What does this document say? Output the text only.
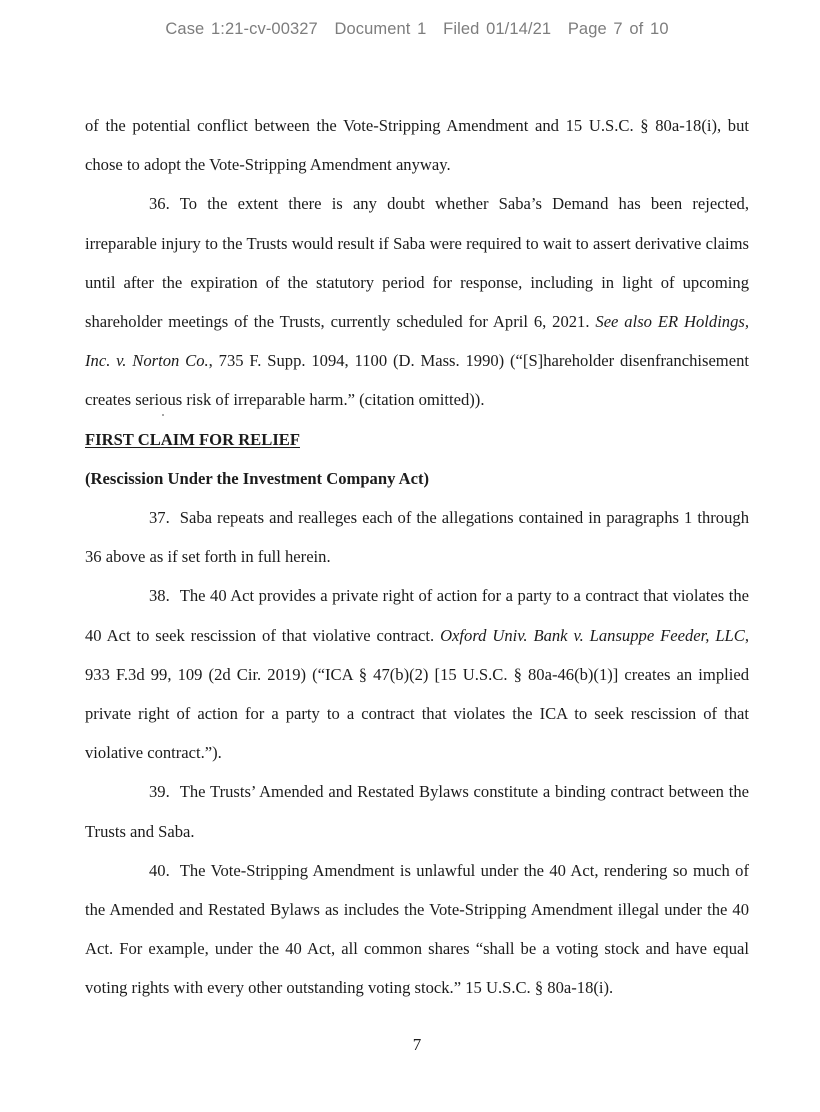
Case 1:21-cv-00327 Document 1 Filed 01/14/21 Page 7 of 10

of the potential conflict between the Vote-Stripping Amendment and 15 U.S.C. § 80a-18(i), but chose to adopt the Vote-Stripping Amendment anyway.

36. To the extent there is any doubt whether Saba’s Demand has been rejected, irreparable injury to the Trusts would result if Saba were required to wait to assert derivative claims until after the expiration of the statutory period for response, including in light of upcoming shareholder meetings of the Trusts, currently scheduled for April 6, 2021. See also ER Holdings, Inc. v. Norton Co., 735 F. Supp. 1094, 1100 (D. Mass. 1990) (“[S]hareholder disenfranchisement creates serious risk of irreparable harm.” (citation omitted)).

FIRST CLAIM FOR RELIEF

(Rescission Under the Investment Company Act)

37. Saba repeats and realleges each of the allegations contained in paragraphs 1 through 36 above as if set forth in full herein.

38. The 40 Act provides a private right of action for a party to a contract that violates the 40 Act to seek rescission of that violative contract. Oxford Univ. Bank v. Lansuppe Feeder, LLC, 933 F.3d 99, 109 (2d Cir. 2019) (“ICA § 47(b)(2) [15 U.S.C. § 80a-46(b)(1)] creates an implied private right of action for a party to a contract that violates the ICA to seek rescission of that violative contract.”).

39. The Trusts’ Amended and Restated Bylaws constitute a binding contract between the Trusts and Saba.

40. The Vote-Stripping Amendment is unlawful under the 40 Act, rendering so much of the Amended and Restated Bylaws as includes the Vote-Stripping Amendment illegal under the 40 Act. For example, under the 40 Act, all common shares “shall be a voting stock and have equal voting rights with every other outstanding voting stock.” 15 U.S.C. § 80a-18(i).

7
